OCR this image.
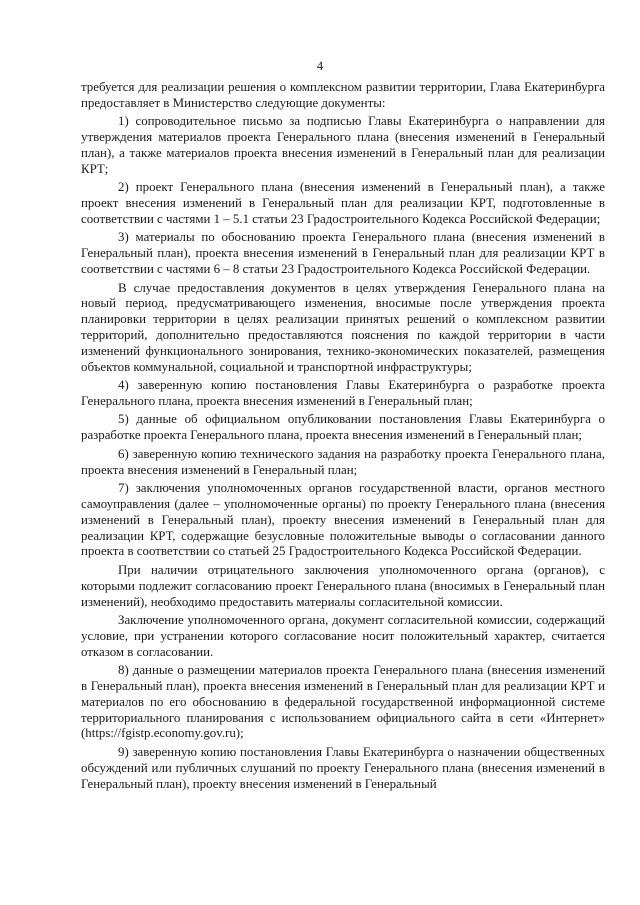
4

требуется для реализации решения о комплексном развитии территории, Глава Екатеринбурга предоставляет в Министерство следующие документы:

1) сопроводительное письмо за подписью Главы Екатеринбурга о направлении для утверждения материалов проекта Генерального плана (внесения изменений в Генеральный план), а также материалов проекта внесения изменений в Генеральный план для реализации КРТ;

2) проект Генерального плана (внесения изменений в Генеральный план), а также проект внесения изменений в Генеральный план для реализации КРТ, подготовленные в соответствии с частями 1 – 5.1 статьи 23 Градостроительного Кодекса Российской Федерации;

3) материалы по обоснованию проекта Генерального плана (внесения изменений в Генеральный план), проекта внесения изменений в Генеральный план для реализации КРТ в соответствии с частями 6 – 8 статьи 23 Градостроительного Кодекса Российской Федерации.

В случае предоставления документов в целях утверждения Генерального плана на новый период, предусматривающего изменения, вносимые после утверждения проекта планировки территории в целях реализации принятых решений о комплексном развитии территорий, дополнительно предоставляются пояснения по каждой территории в части изменений функционального зонирования, технико-экономических показателей, размещения объектов коммунальной, социальной и транспортной инфраструктуры;

4) заверенную копию постановления Главы Екатеринбурга о разработке проекта Генерального плана, проекта внесения изменений в Генеральный план;

5) данные об официальном опубликовании постановления Главы Екатеринбурга о разработке проекта Генерального плана, проекта внесения изменений в Генеральный план;

6) заверенную копию технического задания на разработку проекта Генерального плана, проекта внесения изменений в Генеральный план;

7) заключения уполномоченных органов государственной власти, органов местного самоуправления (далее – уполномоченные органы) по проекту Генерального плана (внесения изменений в Генеральный план), проекту внесения изменений в Генеральный план для реализации КРТ, содержащие безусловные положительные выводы о согласовании данного проекта в соответствии со статьей 25 Градостроительного Кодекса Российской Федерации.

При наличии отрицательного заключения уполномоченного органа (органов), с которыми подлежит согласованию проект Генерального плана (вносимых в Генеральный план изменений), необходимо предоставить материалы согласительной комиссии.

Заключение уполномоченного органа, документ согласительной комиссии, содержащий условие, при устранении которого согласование носит положительный характер, считается отказом в согласовании.

8) данные о размещении материалов проекта Генерального плана (внесения изменений в Генеральный план), проекта внесения изменений в Генеральный план для реализации КРТ и материалов по его обоснованию в федеральной государственной информационной системе территориального планирования с использованием официального сайта в сети «Интернет» (https://fgistp.economy.gov.ru);

9) заверенную копию постановления Главы Екатеринбурга о назначении общественных обсуждений или публичных слушаний по проекту Генерального плана (внесения изменений в Генеральный план), проекту внесения изменений в Генеральный
